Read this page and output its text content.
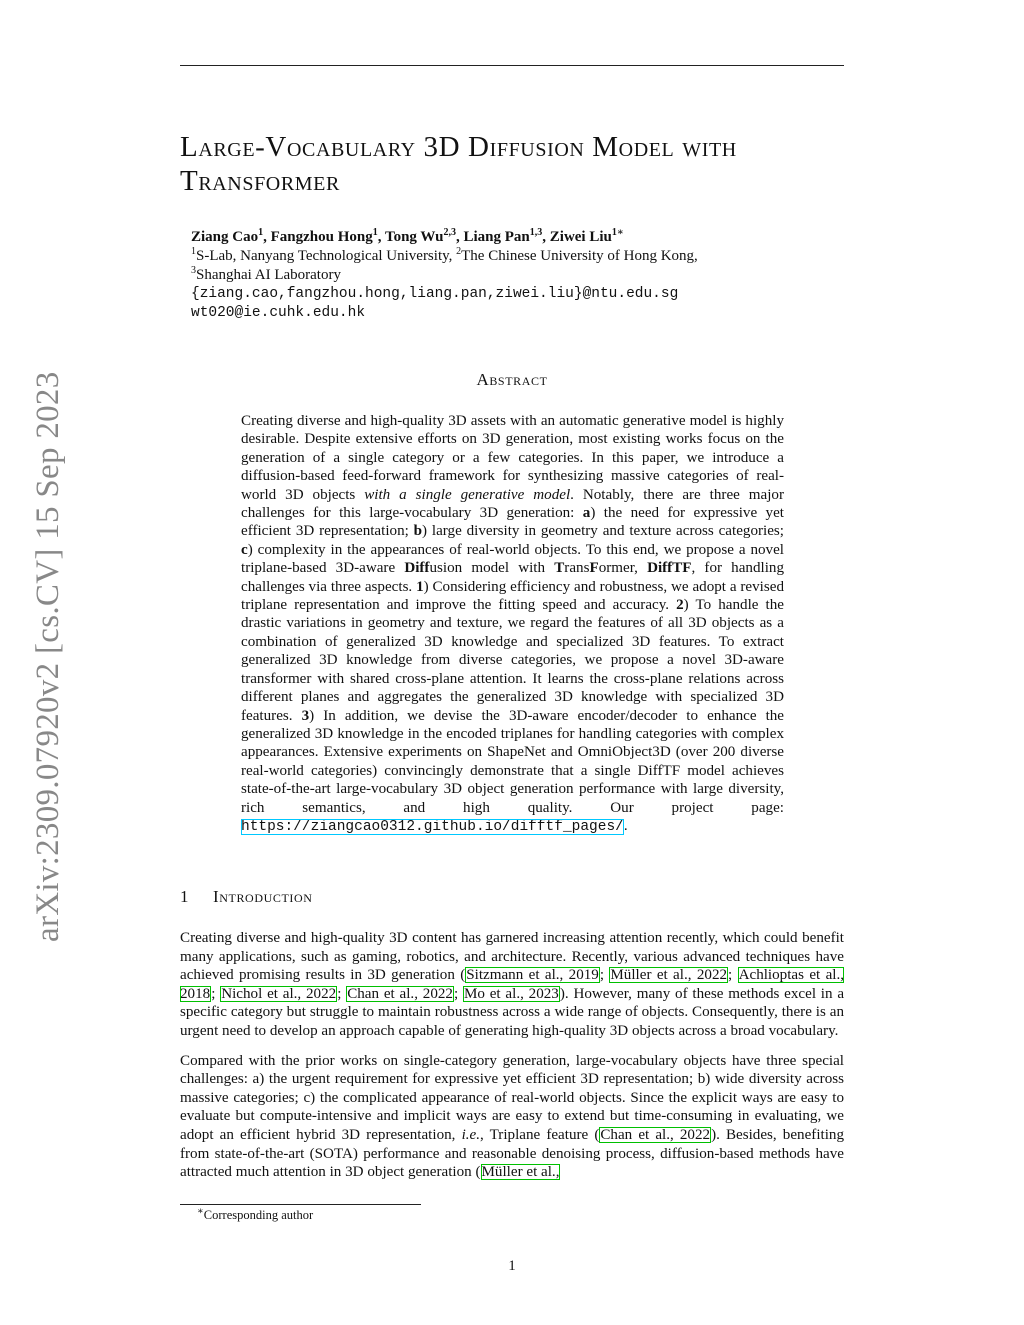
Large-Vocabulary 3D Diffusion Model with Transformer
Ziang Cao$^1$, Fangzhou Hong$^1$, Tong Wu$^{2,3}$, Liang Pan$^{1,3}$, Ziwei Liu$^{1∗}$
$^1$S-Lab, Nanyang Technological University, $^2$The Chinese University of Hong Kong,
$^3$Shanghai AI Laboratory
{ziang.cao,fangzhou.hong,liang.pan,ziwei.liu}@ntu.edu.sg
wt020@ie.cuhk.edu.hk
arXiv:2309.07920v2 [cs.CV] 15 Sep 2023	Abstract
Creating diverse and high-quality 3D assets with an automatic generative model is highly desirable. Despite extensive efforts on 3D generation, most existing works focus on the generation of a single category or a few categories. In this paper, we introduce a diffusion-based feed-forward framework for synthesizing massive categories of real-world 3D objects with a single generative model. Notably, there are three major challenges for this large-vocabulary 3D generation: a) the need for expressive yet efficient 3D representation; b) large diversity in geometry and texture across categories; c) complexity in the appearances of real-world objects. To this end, we propose a novel triplane-based 3D-aware Diffusion model with TransFormer, DiffTF, for handling challenges via three aspects. 1) Considering efficiency and robustness, we adopt a revised triplane representation and improve the fitting speed and accuracy. 2) To handle the drastic variations in geometry and texture, we regard the features of all 3D objects as a combination of generalized 3D knowledge and specialized 3D features. To extract generalized 3D knowledge from diverse categories, we propose a novel 3D-aware transformer with shared cross-plane attention. It learns the cross-plane relations across different planes and aggregates the generalized 3D knowledge with specialized 3D features. 3) In addition, we devise the 3D-aware encoder/decoder to enhance the generalized 3D knowledge in the encoded triplanes for handling categories with complex appearances. Extensive experiments on ShapeNet and OmniObject3D (over 200 diverse real-world categories) convincingly demonstrate that a single DiffTF model achieves state-of-the-art large-vocabulary 3D object generation performance with large diversity, rich semantics, and high quality. Our project page: https://ziangcao0312.github.io/difftf_pages/.
1 Introduction

Creating diverse and high-quality 3D content has garnered increasing attention recently, which could benefit many applications, such as gaming, robotics, and architecture. Recently, various advanced techniques have achieved promising results in 3D generation (Sitzmann et al., 2019; Müller et al., 2022; Achlioptas et al., 2018; Nichol et al., 2022; Chan et al., 2022; Mo et al., 2023). However, many of these methods excel in a specific category but struggle to maintain robustness across a wide range of objects. Consequently, there is an urgent need to develop an approach capable of generating high-quality 3D objects across a broad vocabulary.

Compared with the prior works on single-category generation, large-vocabulary objects have three special challenges: a) the urgent requirement for expressive yet efficient 3D representation; b) wide diversity across massive categories; c) the complicated appearance of real-world objects. Since the explicit ways are easy to evaluate but compute-intensive and implicit ways are easy to extend but time-consuming in evaluating, we adopt an efficient hybrid 3D representation, i.e., Triplane feature (Chan et al., 2022). Besides, benefiting from state-of-the-art (SOTA) performance and reasonable denoising process, diffusion-based methods have attracted much attention in 3D object generation (Müller et al.,

∗Corresponding author
1
